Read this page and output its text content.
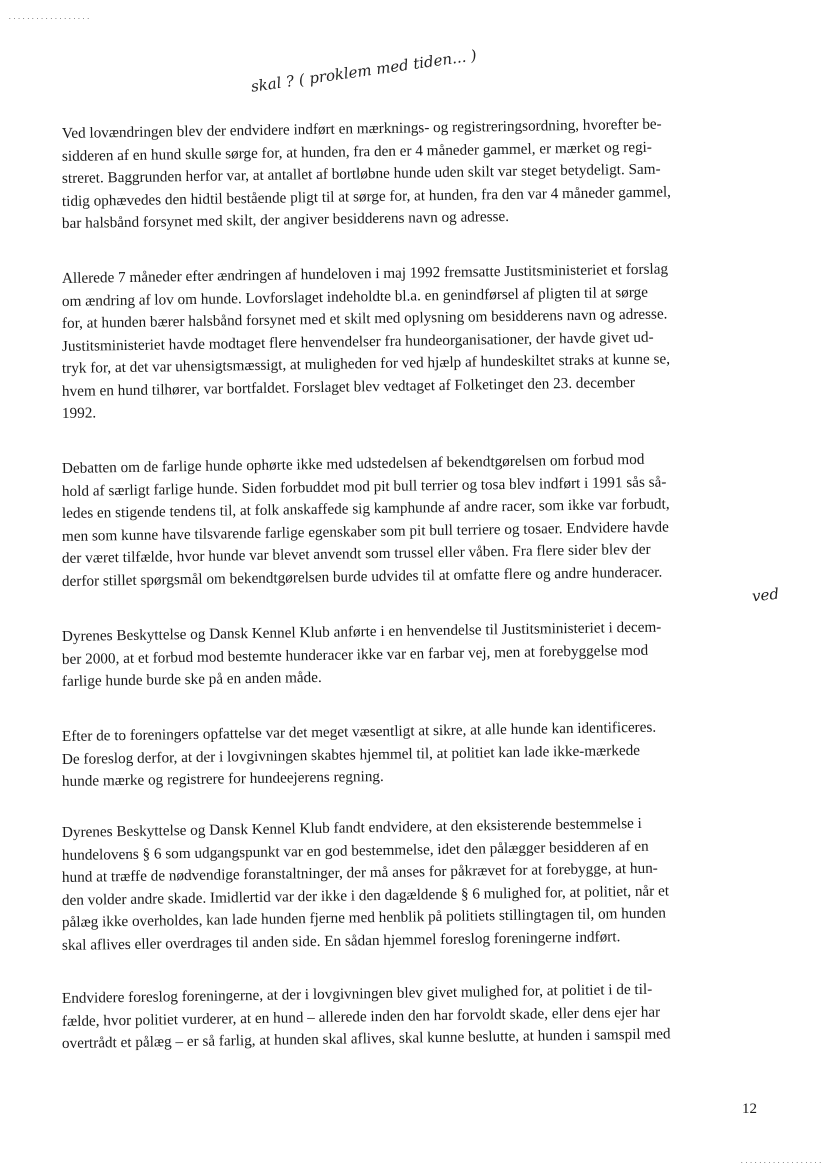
..................
..................
skal ? ( proklem med tiden... )
ved
Ved lovændringen blev der endvidere indført en mærknings- og registreringsordning, hvorefter be-
sidderen af en hund skulle sørge for, at hunden, fra den er 4 måneder gammel, er mærket og regi-
streret. Baggrunden herfor var, at antallet af bortløbne hunde uden skilt var steget betydeligt. Sam-
tidig ophævedes den hidtil bestående pligt til at sørge for, at hunden, fra den var 4 måneder gammel,
bar halsbånd forsynet med skilt, der angiver besidderens navn og adresse.
Allerede 7 måneder efter ændringen af hundeloven i maj 1992 fremsatte Justitsministeriet et forslag
om ændring af lov om hunde. Lovforslaget indeholdte bl.a. en genindførsel af pligten til at sørge
for, at hunden bærer halsbånd forsynet med et skilt med oplysning om besidderens navn og adresse.
Justitsministeriet havde modtaget flere henvendelser fra hundeorganisationer, der havde givet ud-
tryk for, at det var uhensigtsmæssigt, at muligheden for ved hjælp af hundeskiltet straks at kunne se,
hvem en hund tilhører, var bortfaldet. Forslaget blev vedtaget af Folketinget den 23. december
1992.
Debatten om de farlige hunde ophørte ikke med udstedelsen af bekendtgørelsen om forbud mod
hold af særligt farlige hunde. Siden forbuddet mod pit bull terrier og tosa blev indført i 1991 sås så-
ledes en stigende tendens til, at folk anskaffede sig kamphunde af andre racer, som ikke var forbudt,
men som kunne have tilsvarende farlige egenskaber som pit bull terriere og tosaer. Endvidere havde
der været tilfælde, hvor hunde var blevet anvendt som trussel eller våben. Fra flere sider blev der
derfor stillet spørgsmål om bekendtgørelsen burde udvides til at omfatte flere og andre hunderacer.
Dyrenes Beskyttelse og Dansk Kennel Klub anførte i en henvendelse til Justitsministeriet i decem-
ber 2000, at et forbud mod bestemte hunderacer ikke var en farbar vej, men at forebyggelse mod
farlige hunde burde ske på en anden måde.
Efter de to foreningers opfattelse var det meget væsentligt at sikre, at alle hunde kan identificeres.
De foreslog derfor, at der i lovgivningen skabtes hjemmel til, at politiet kan lade ikke-mærkede
hunde mærke og registrere for hundeejerens regning.
Dyrenes Beskyttelse og Dansk Kennel Klub fandt endvidere, at den eksisterende bestemmelse i
hundelovens § 6 som udgangspunkt var en god bestemmelse, idet den pålægger besidderen af en
hund at træffe de nødvendige foranstaltninger, der må anses for påkrævet for at forebygge, at hun-
den volder andre skade. Imidlertid var der ikke i den dagældende § 6 mulighed for, at politiet, når et
pålæg ikke overholdes, kan lade hunden fjerne med henblik på politiets stillingtagen til, om hunden
skal aflives eller overdrages til anden side. En sådan hjemmel foreslog foreningerne indført.
Endvidere foreslog foreningerne, at der i lovgivningen blev givet mulighed for, at politiet i de til-
fælde, hvor politiet vurderer, at en hund – allerede inden den har forvoldt skade, eller dens ejer har
overtrådt et pålæg – er så farlig, at hunden skal aflives, skal kunne beslutte, at hunden i samspil med
12
